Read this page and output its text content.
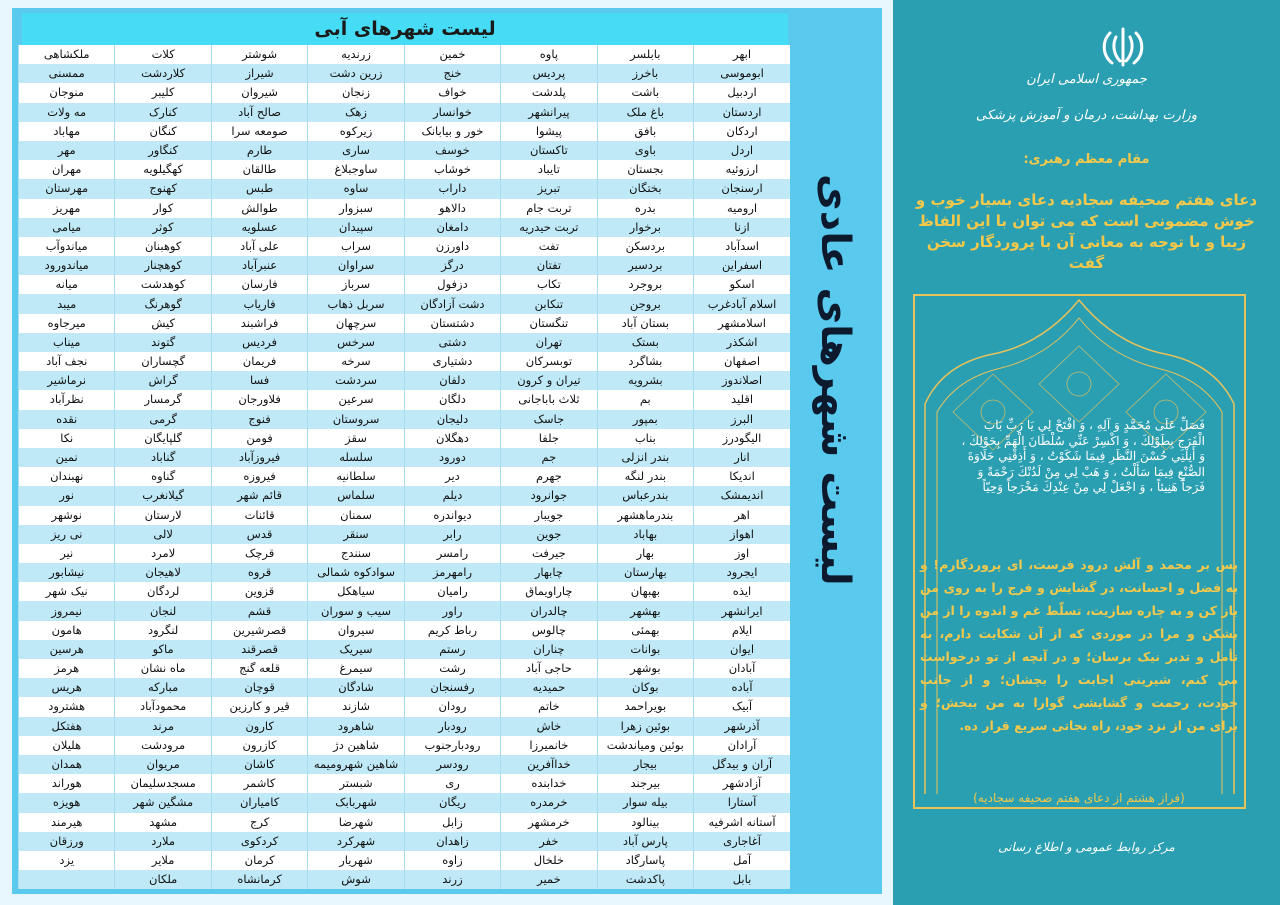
لیست شهرهای آبی
ابهر	بابلسر	پاوه	خمین	زرندیه	شوشتر	کلات	ملکشاهی
ابوموسی	باخرز	پردیس	خنج	زرین دشت	شیراز	کلاردشت	ممسنی
اردبیل	باشت	پلدشت	خواف	زنجان	شیروان	کلیبر	منوجان
اردستان	باغ ملک	پیرانشهر	خوانسار	زهک	صالح آباد	کنارک	مه ولات
اردکان	بافق	پیشوا	خور و بیابانک	زیرکوه	صومعه سرا	کنگان	مهاباد
اردل	باوی	تاکستان	خوسف	ساری	طارم	کنگاور	مهر
ارزوئیه	بجستان	تایباد	خوشاب	ساوجبلاغ	طالقان	کهگیلویه	مهران
ارسنجان	بختگان	تبریز	داراب	ساوه	طبس	کهنوج	مهرستان
ارومیه	بدره	تربت جام	دالاهو	سبزوار	طوالش	کوار	مهریز
ازنا	برخوار	تربت حیدریه	دامغان	سپیدان	عسلویه	کوثر	میامی
اسدآباد	بردسکن	تفت	داورزن	سراب	علی آباد	کوهبنان	میاندوآب
اسفراین	بردسیر	تفتان	درگز	سراوان	عنبرآباد	کوهچنار	میاندورود
اسکو	بروجرد	تکاب	دزفول	سرباز	فارسان	کوهدشت	میانه
اسلام آبادغرب	بروجن	تنکابن	دشت آزادگان	سربل ذهاب	فاریاب	گوهرنگ	میبد
اسلامشهر	بستان آباد	تنگستان	دشتستان	سرچهان	فراشبند	کیش	میرجاوه
اشکذر	بستک	تهران	دشتی	سرخس	فردیس	گتوند	میناب
اصفهان	بشاگرد	توبسرکان	دشتیاری	سرخه	فریمان	گچساران	نجف آباد
اصلاندوز	بشرویه	تیران و کرون	دلفان	سردشت	فسا	گراش	نرماشیر
اقلید	بم	ثلاث باباجانی	دلگان	سرعین	فلاورجان	گرمسار	نظرآباد
البرز	بمپور	جاسک	دلیجان	سروستان	فنوج	گرمی	نقده
الیگودرز	بناب	جلفا	دهگلان	سقز	فومن	گلپایگان	نکا
انار	بندر انزلی	جم	دورود	سلسله	فیروزآباد	گناباد	نمین
اندیکا	بندر لنگه	جهرم	دیر	سلطانیه	فیروزه	گناوه	نهبندان
اندیمشک	بندرعباس	جوانرود	دیلم	سلماس	قائم شهر	گیلانغرب	نور
اهر	بندرماهشهر	جویبار	دیواندره	سمنان	قائنات	لارستان	نوشهر
اهواز	بهاباد	جوین	رابر	سنقر	قدس	لالی	نی ریز
اوز	بهار	جیرفت	رامسر	سنندج	قرچک	لامرد	نیر
ایجرود	بهارستان	چابهار	رامهرمز	سوادکوه شمالی	قروه	لاهیجان	نیشابور
ایذه	بهبهان	چاراویماق	رامیان	سیاهکل	قزوین	لردگان	نیک شهر
ایرانشهر	بهشهر	چالدران	راور	سیب و سوران	قشم	لنجان	نیمروز
ایلام	بهمئی	چالوس	رباط کریم	سیروان	قصرشیرین	لنگرود	هامون
ایوان	بوانات	چناران	رستم	سیریک	قصرقند	ماکو	هرسین
آبادان	بوشهر	حاجی آباد	رشت	سیمرغ	قلعه گنج	ماه نشان	هرمز
آباده	بوکان	حمیدیه	رفسنجان	شادگان	قوچان	مبارکه	هریس
آبیک	بویراحمد	خاتم	رودان	شازند	قیر و کارزین	محمودآباد	هشترود
آذرشهر	بوئین زهرا	خاش	رودبار	شاهرود	کارون	مرند	هفتکل
آرادان	بوئین ومیاندشت	خانمیرزا	رودبارجنوب	شاهین دژ	کازرون	مرودشت	هلیلان
آران و بیدگل	بیجار	خداآفرین	رودسر	شاهین شهرومیمه	کاشان	مریوان	همدان
آزادشهر	بیرجند	خدابنده	ری	شبستر	کاشمر	مسجدسلیمان	هوراند
آستارا	بیله سوار	خرمدره	ریگان	شهربابک	کامیاران	مشگین شهر	هویزه
آستانه اشرفیه	بینالود	خرمشهر	زابل	شهرضا	کرج	مشهد	هیرمند
آغاجاری	پارس آباد	خفر	زاهدان	شهرکرد	کردکوی	ملارد	ورزقان
آمل	پاسارگاد	خلخال	زاوه	شهریار	کرمان	ملایر	یزد
بابل	پاکدشت	خمیر	زرند	شوش	کرمانشاه	ملکان	
لیست شهرهای عادی
جمهوری اسلامی ایران
وزارت بهداشت، درمان و آموزش پزشکی
مقام معظم رهبری:
دعای هفتم صحیفه سجادیه دعای بسیار خوب و خوش مضمونی است که می توان با این الفاظ زیبا و با توجه به معانی آن با پروردگار سخن گفت
فَصَلِّ عَلَى مُحَمَّدٍ وَ آلِهِ ، وَ افْتَحْ لِي يَا رَبِّ بَابَ الْفَرَجِ بِطَوْلِكَ ، وَ اكْسِرْ عَنِّي سُلْطَانَ الْهَمِّ بِحَوْلِكَ ، وَ أَنِلْنِي حُسْنَ النَّظَرِ فِيمَا شَكَوْتُ ، وَ أَذِقْنِي حَلَاوَةَ الصُّنْعِ فِيمَا سَأَلْتُ ، وَ هَبْ لِي مِنْ لَدُنْكَ رَحْمَةً وَ فَرَجاً هَنِيئاً ، وَ اجْعَلْ لِي مِنْ عِنْدِكَ مَخْرَجاً وَحِيّاً
پس بر محمد و آلش درود فرست، ای پروردگارم! و به فضل و احسانت، در گشایش و فرج را به روی من باز کن و به چاره سازیت، تسلّط غم و اندوه را از من بشکن و مرا در موردی که از آن شکایت دارم، به تأمل و تدبر نیک برسان؛ و در آنچه از تو درخواست می کنم، شیرینی اجابت را بچشان؛ و از جانب خودت، رحمت و گشایشی گوارا به من ببخش؛ و برای من از نزد خود، راه نجاتی سریع قرار ده.
(فراز هشتم از دعای هفتم صحیفه سجادیه)
مرکز روابط عمومی و اطلاع رسانی
